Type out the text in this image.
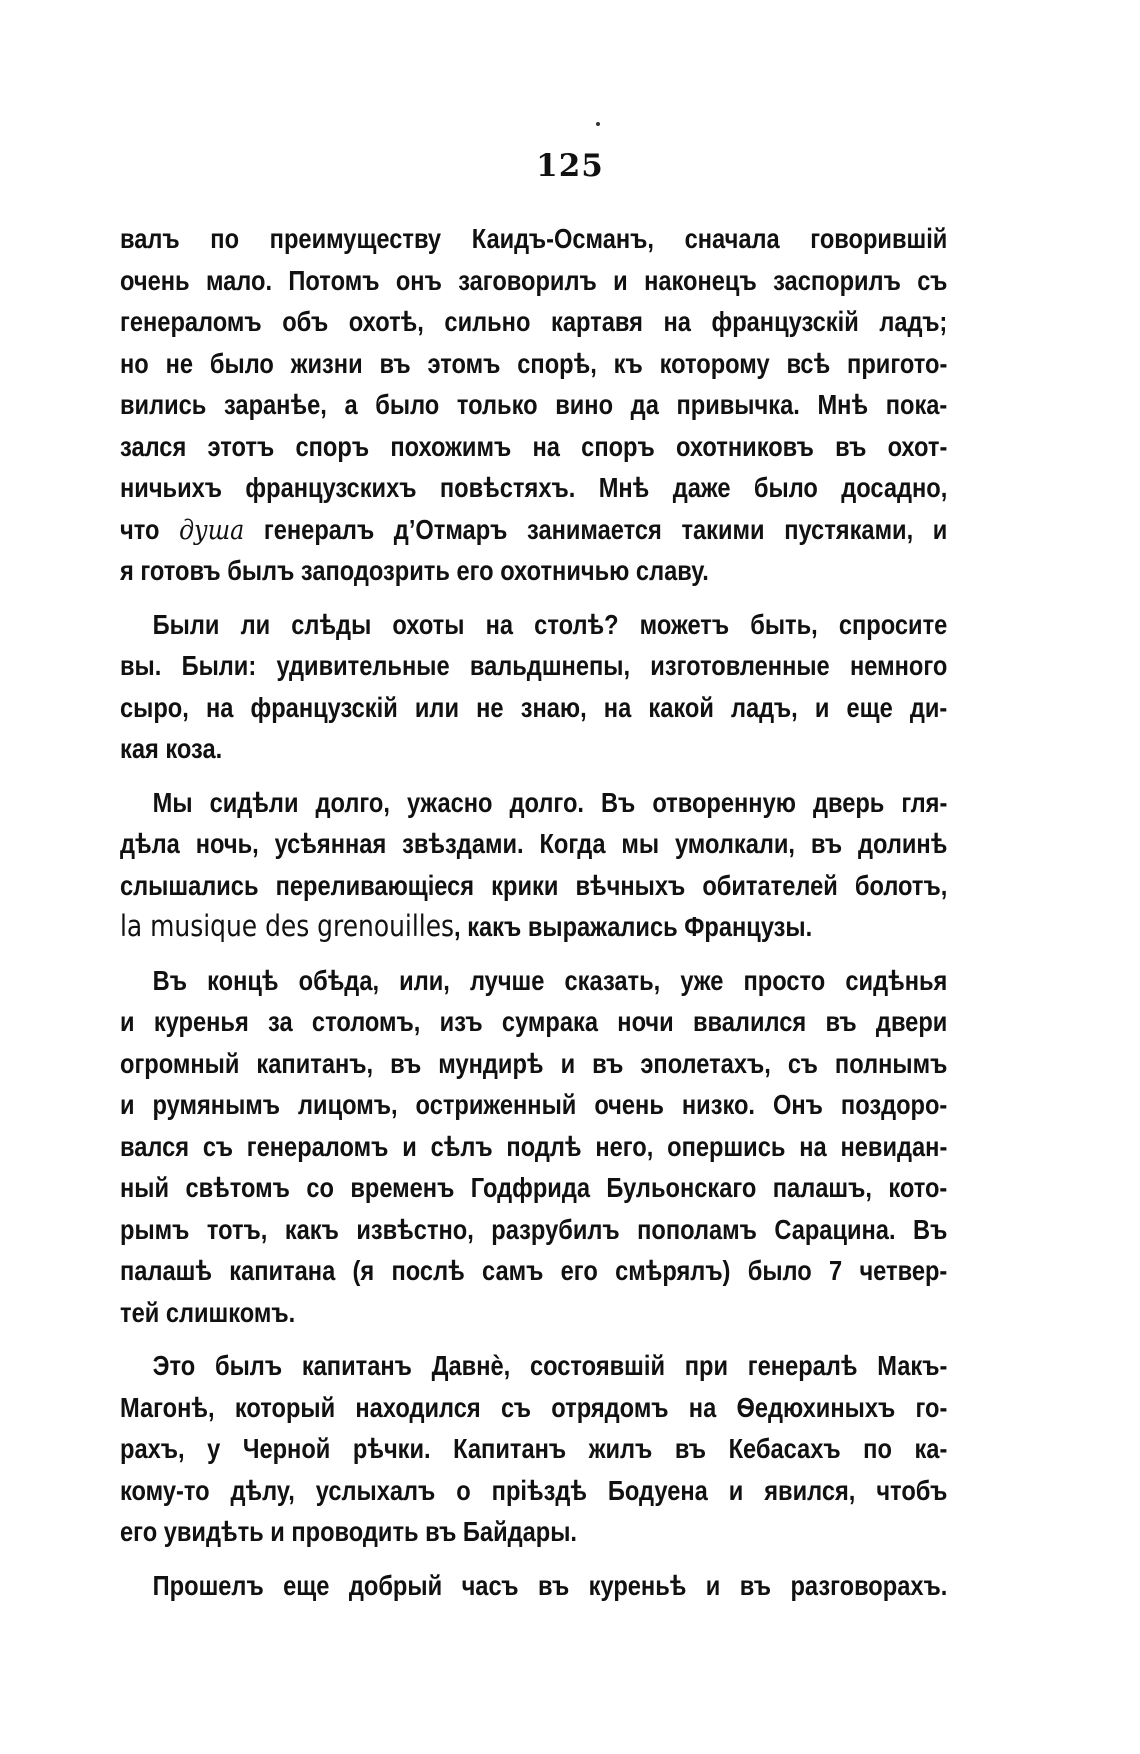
125
валъ по преимуществу Каидъ-Османъ, сначала говорившій
очень мало. Потомъ онъ заговорилъ и наконецъ заспорилъ съ
генераломъ объ охотѣ, сильно картавя на французскій ладъ;
но не было жизни въ этомъ спорѣ, къ которому всѣ пригото-
вились заранѣе, а было только вино да привычка. Мнѣ пока-
зался этотъ споръ похожимъ на споръ охотниковъ въ охот-
ничьихъ французскихъ повѣстяхъ. Мнѣ даже было досадно,
что душа генералъ д’Отмаръ занимается такими пустяками, и
я готовъ былъ заподозрить его охотничью славу.
Были ли слѣды охоты на столѣ? можетъ быть, спросите
вы. Были: удивительные вальдшнепы, изготовленные немного
сыро, на французскій или не знаю, на какой ладъ, и еще ди-
кая коза.
Мы сидѣли долго, ужасно долго. Въ отворенную дверь гля-
дѣла ночь, усѣянная звѣздами. Когда мы умолкали, въ долинѣ
слышались переливающіеся крики вѣчныхъ обитателей болотъ,
la musique des grenouilles, какъ выражались Французы.
Въ концѣ обѣда, или, лучше сказать, уже просто сидѣнья
и куренья за столомъ, изъ сумрака ночи ввалился въ двери
огромный капитанъ, въ мундирѣ и въ эполетахъ, съ полнымъ
и румянымъ лицомъ, остриженный очень низко. Онъ поздоро-
вался съ генераломъ и сѣлъ подлѣ него, опершись на невидан-
ный свѣтомъ со временъ Годфрида Бульонскаго палашъ, кото-
рымъ тотъ, какъ извѣстно, разрубилъ пополамъ Сарацина. Въ
палашѣ капитана (я послѣ самъ его смѣрялъ) было 7 четвер-
тей слишкомъ.
Это былъ капитанъ Давнѐ, состоявшій при генералѣ Макъ-
Магонѣ, который находился съ отрядомъ на Ѳедюхиныхъ го-
рахъ, у Черной рѣчки. Капитанъ жилъ въ Кебасахъ по ка-
кому-то дѣлу, услыхалъ о пріѣздѣ Бодуена и явился, чтобъ
его увидѣть и проводить въ Байдары.
Прошелъ еще добрый часъ въ куреньѣ и въ разговорахъ.
